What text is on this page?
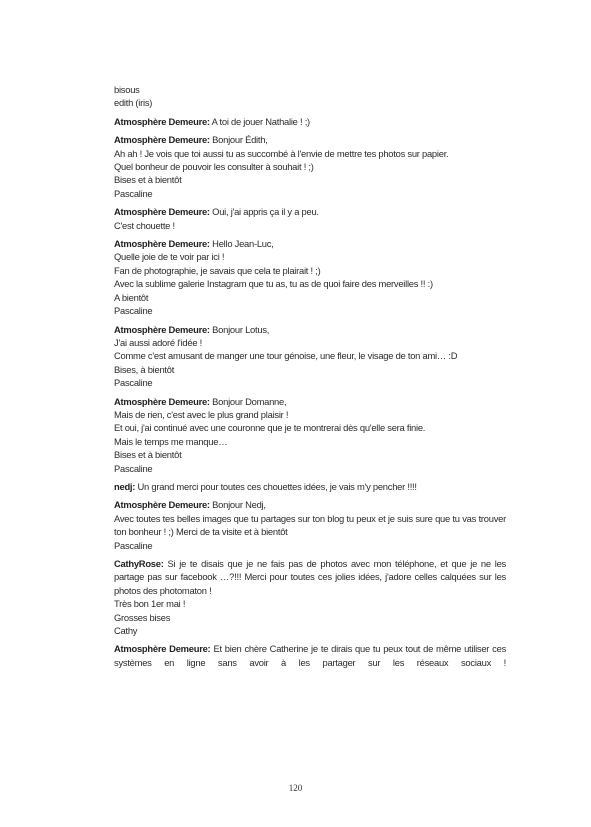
bisous

edith (iris)

Atmosphère Demeure: A toi de jouer Nathalie ! ;)

Atmosphère Demeure: Bonjour Édith,

Ah ah ! Je vois que toi aussi tu as succombé à l'envie de mettre tes photos sur papier.

Quel bonheur de pouvoir les consulter à souhait ! ;)

Bises et à bientôt

Pascaline

Atmosphère Demeure: Oui, j'ai appris ça il y a peu.

C'est chouette !

Atmosphère Demeure: Hello Jean-Luc,

Quelle joie de te voir par ici !

Fan de photographie, je savais que cela te plairait ! ;)

Avec la sublime galerie Instagram que tu as, tu as de quoi faire des merveilles !! :)

A bientôt

Pascaline

Atmosphère Demeure: Bonjour Lotus,

J'ai aussi adoré l'idée !

Comme c'est amusant de manger une tour génoise, une fleur, le visage de ton ami… :D

Bises, à bientôt

Pascaline

Atmosphère Demeure: Bonjour Domanne,

Mais de rien, c'est avec le plus grand plaisir !

Et oui, j'ai continué avec une couronne que je te montrerai dès qu'elle sera finie.

Mais le temps me manque…

Bises et à bientôt

Pascaline

nedj: Un grand merci pour toutes ces chouettes idées, je vais m'y pencher !!!!

Atmosphère Demeure: Bonjour Nedj,

Avec toutes tes belles images que tu partages sur ton blog tu peux et je suis sure que tu vas trouver ton bonheur ! ;) Merci de ta visite et à bientôt

Pascaline

CathyRose: Si je te disais que je ne fais pas de photos avec mon téléphone, et que je ne les partage pas sur facebook …?!!! Merci pour toutes ces jolies idées, j'adore celles calquées sur les photos des photomaton !

Très bon 1er mai !

Grosses bises

Cathy

Atmosphère Demeure: Et bien chère Catherine je te dirais que tu peux tout de même utiliser ces systèmes en ligne sans avoir à les partager sur les réseaux sociaux !

120
